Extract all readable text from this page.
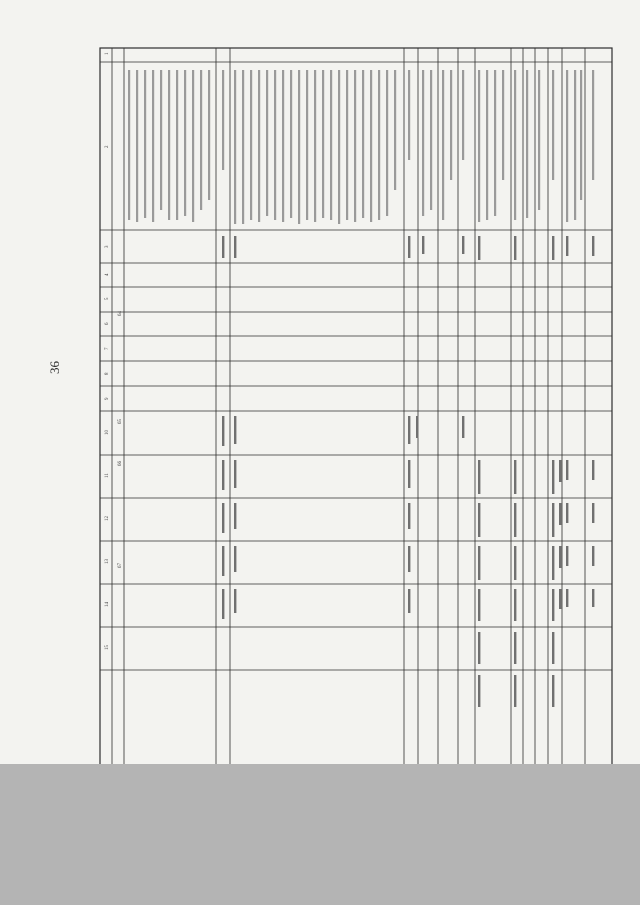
36
1
2
3
4
5
6
7
8
9
10
11
12
13
14
15
64
65
66
67
